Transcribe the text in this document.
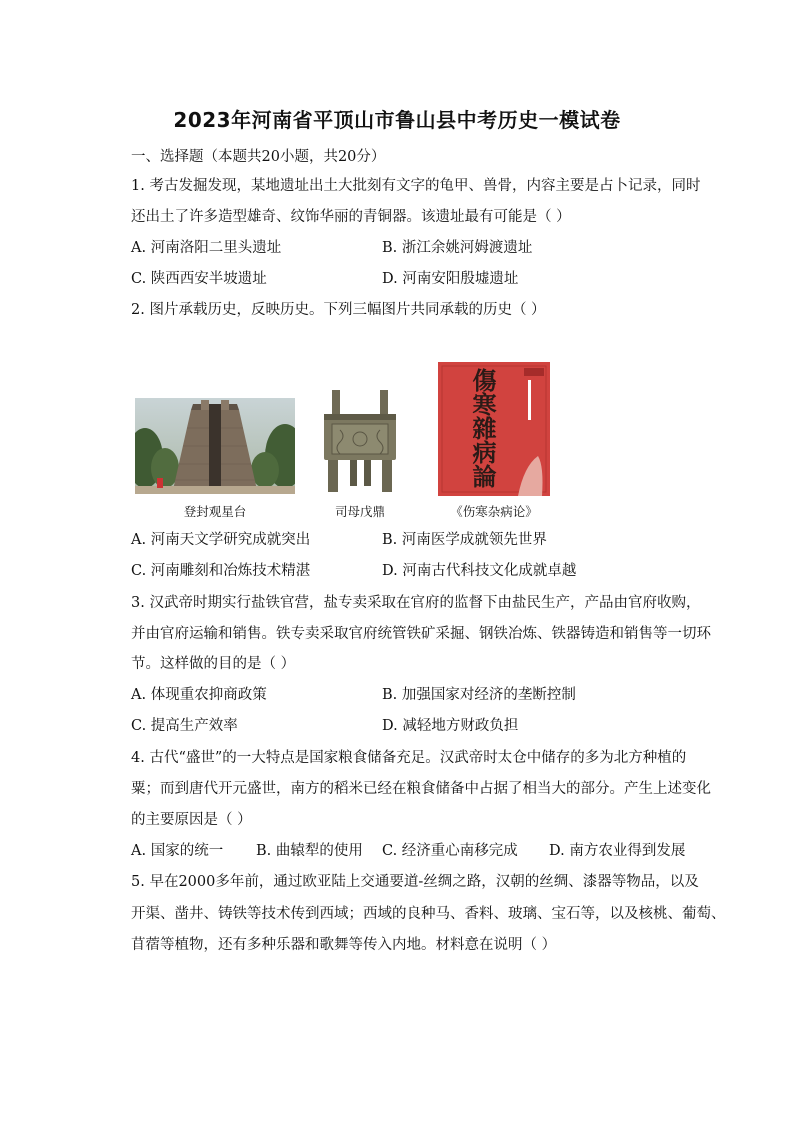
2023年河南省平顶山市鲁山县中考历史一模试卷
一、选择题（本题共20小题，共20分）
1. 考古发掘发现，某地遗址出土大批刻有文字的龟甲、兽骨，内容主要是占卜记录，同时
还出土了许多造型雄奇、纹饰华丽的青铜器。该遗址最有可能是（ ）
A. 河南洛阳二里头遗址	B. 浙江余姚河姆渡遗址
C. 陕西西安半坡遗址	D. 河南安阳殷墟遗址
2. 图片承载历史，反映历史。下列三幅图片共同承载的历史（ ）
登封观星台	司母戊鼎
傷寒雜病論
《伤寒杂病论》
A. 河南天文学研究成就突出	B. 河南医学成就领先世界
C. 河南雕刻和冶炼技术精湛	D. 河南古代科技文化成就卓越
3. 汉武帝时期实行盐铁官营，盐专卖采取在官府的监督下由盐民生产，产品由官府收购，
并由官府运输和销售。铁专卖采取官府统管铁矿采掘、钢铁冶炼、铁器铸造和销售等一切环
节。这样做的目的是（ ）
A. 体现重农抑商政策	B. 加强国家对经济的垄断控制
C. 提高生产效率	D. 减轻地方财政负担
4. 古代“盛世”的一大特点是国家粮食储备充足。汉武帝时太仓中储存的多为北方种植的
粟；而到唐代开元盛世，南方的稻米已经在粮食储备中占据了相当大的部分。产生上述变化
的主要原因是（ ）
A. 国家的统一 B. 曲辕犁的使用 C. 经济重心南移完成 D. 南方农业得到发展
5. 早在2000多年前，通过欧亚陆上交通要道-丝绸之路，汉朝的丝绸、漆器等物品，以及
开渠、凿井、铸铁等技术传到西域；西域的良种马、香料、玻璃、宝石等，以及核桃、葡萄、
苜蓿等植物，还有多种乐器和歌舞等传入内地。材料意在说明（ ）
